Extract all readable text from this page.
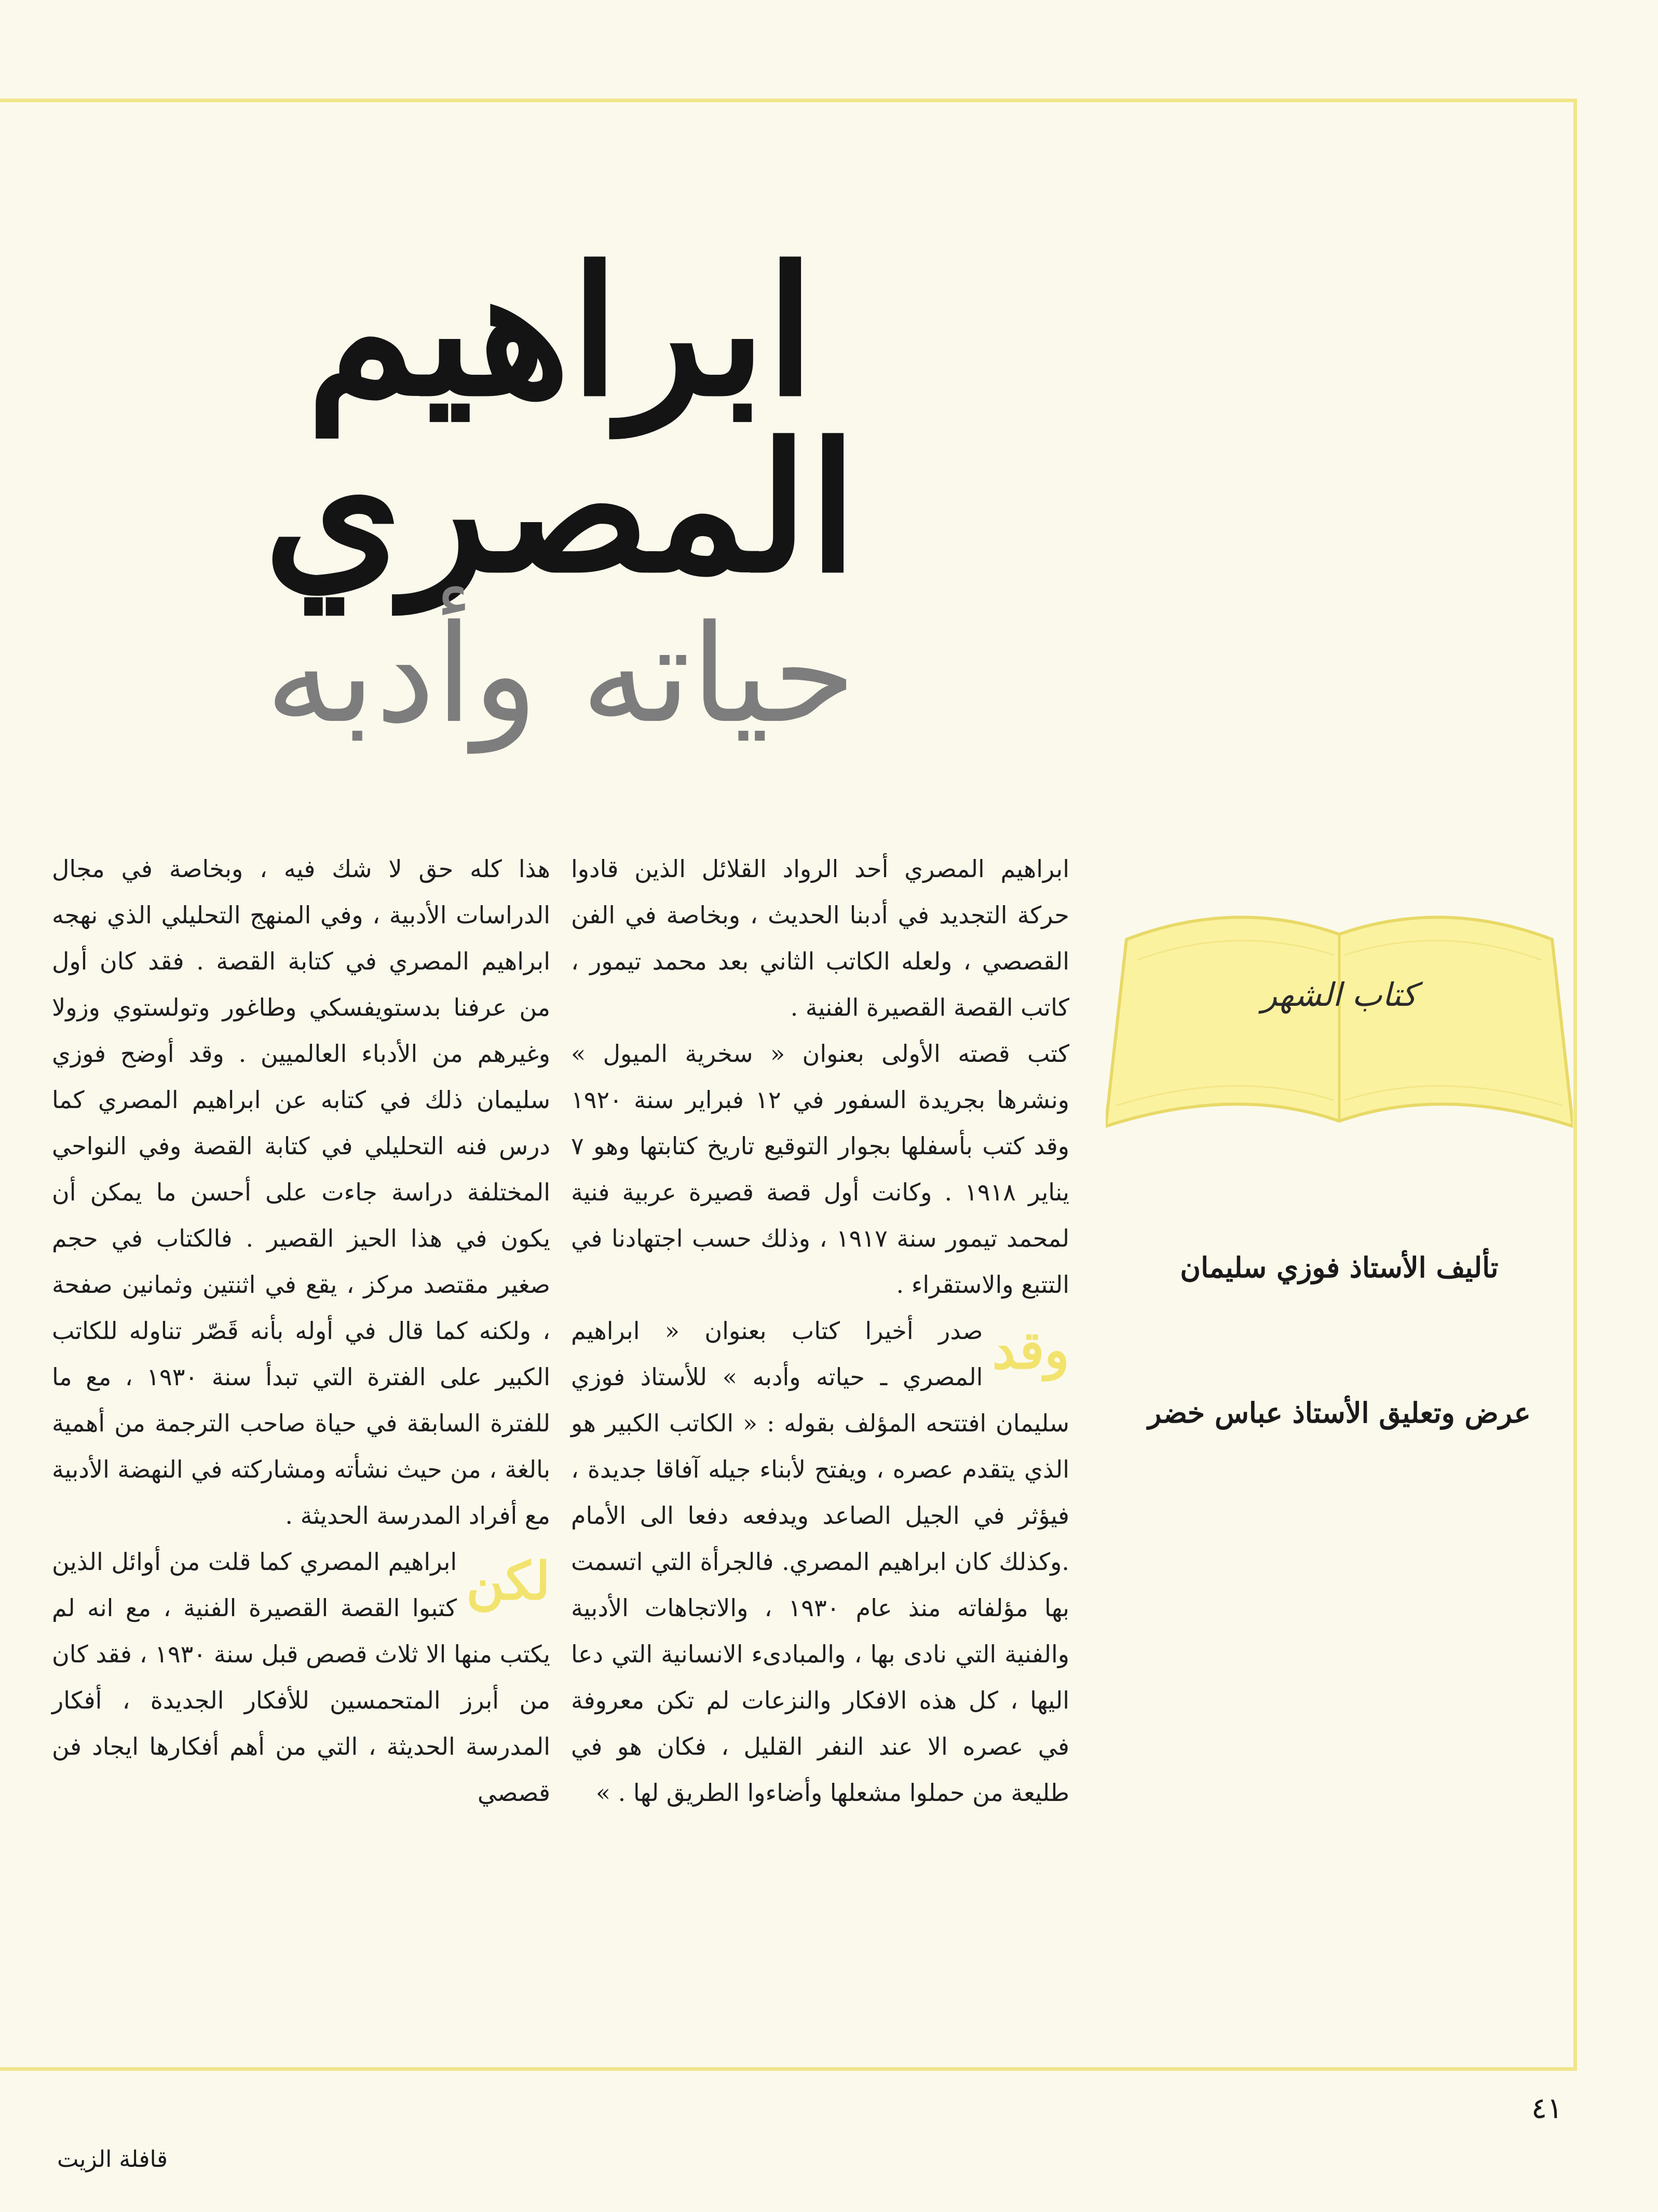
ابراهيم المصري
حياته وأدبه
كتاب الشهر
تأليف الأستاذ فوزي سليمان
عرض وتعليق الأستاذ عباس خضر

ابراهيم المصري أحد الرواد القلائل الذين قادوا حركة التجديد في أدبنا الحديث ، وبخاصة في الفن القصصي ، ولعله الكاتب الثاني بعد محمد تيمور ، كاتب القصة القصيرة الفنية .

كتب قصته الأولى بعنوان « سخرية الميول » ونشرها بجريدة السفور في ١٢ فبراير سنة ١٩٢٠ وقد كتب بأسفلها بجوار التوقيع تاريخ كتابتها وهو ٧ يناير ١٩١٨ . وكانت أول قصة قصيرة عربية فنية لمحمد تيمور سنة ١٩١٧ ، وذلك حسب اجتهادنا في التتبع والاستقراء .

وقد
صدر أخيرا كتاب بعنوان « ابراهيم المصري ـ حياته وأدبه » للأستاذ فوزي سليمان افتتحه المؤلف بقوله : « الكاتب الكبير هو الذي يتقدم عصره ، ويفتح لأبناء جيله آفاقا جديدة ، فيؤثر في الجيل الصاعد ويدفعه دفعا الى الأمام .وكذلك كان ابراهيم المصري. فالجرأة التي اتسمت بها مؤلفاته منذ عام ١٩٣٠ ، والاتجاهات الأدبية والفنية التي نادى بها ، والمبادىء الانسانية التي دعا اليها ، كل هذه الافكار والنزعات لم تكن معروفة في عصره الا عند النفر القليل ، فكان هو في طليعة من حملوا مشعلها وأضاءوا الطريق لها . »

هذا كله حق لا شك فيه ، وبخاصة في مجال الدراسات الأدبية ، وفي المنهج التحليلي الذي نهجه ابراهيم المصري في كتابة القصة . فقد كان أول من عرفنا بدستويفسكي وطاغور وتولستوي وزولا وغيرهم من الأدباء العالميين . وقد أوضح فوزي سليمان ذلك في كتابه عن ابراهيم المصري كما درس فنه التحليلي في كتابة القصة وفي النواحي المختلفة دراسة جاءت على أحسن ما يمكن أن يكون في هذا الحيز القصير . فالكتاب في حجم صغير مقتصد مركز ، يقع في اثنتين وثمانين صفحة ، ولكنه كما قال في أوله بأنه قَصّر تناوله للكاتب الكبير على الفترة التي تبدأ سنة ١٩٣٠ ، مع ما للفترة السابقة في حياة صاحب الترجمة من أهمية بالغة ، من حيث نشأته ومشاركته في النهضة الأدبية مع أفراد المدرسة الحديثة .

لكن
ابراهيم المصري كما قلت من أوائل الذين كتبوا القصة القصيرة الفنية ، مع انه لم يكتب منها الا ثلاث قصص قبل سنة ١٩٣٠ ، فقد كان من أبرز المتحمسين للأفكار الجديدة ، أفكار المدرسة الحديثة ، التي من أهم أفكارها ايجاد فن قصصي

٤١
قافلة الزيت
